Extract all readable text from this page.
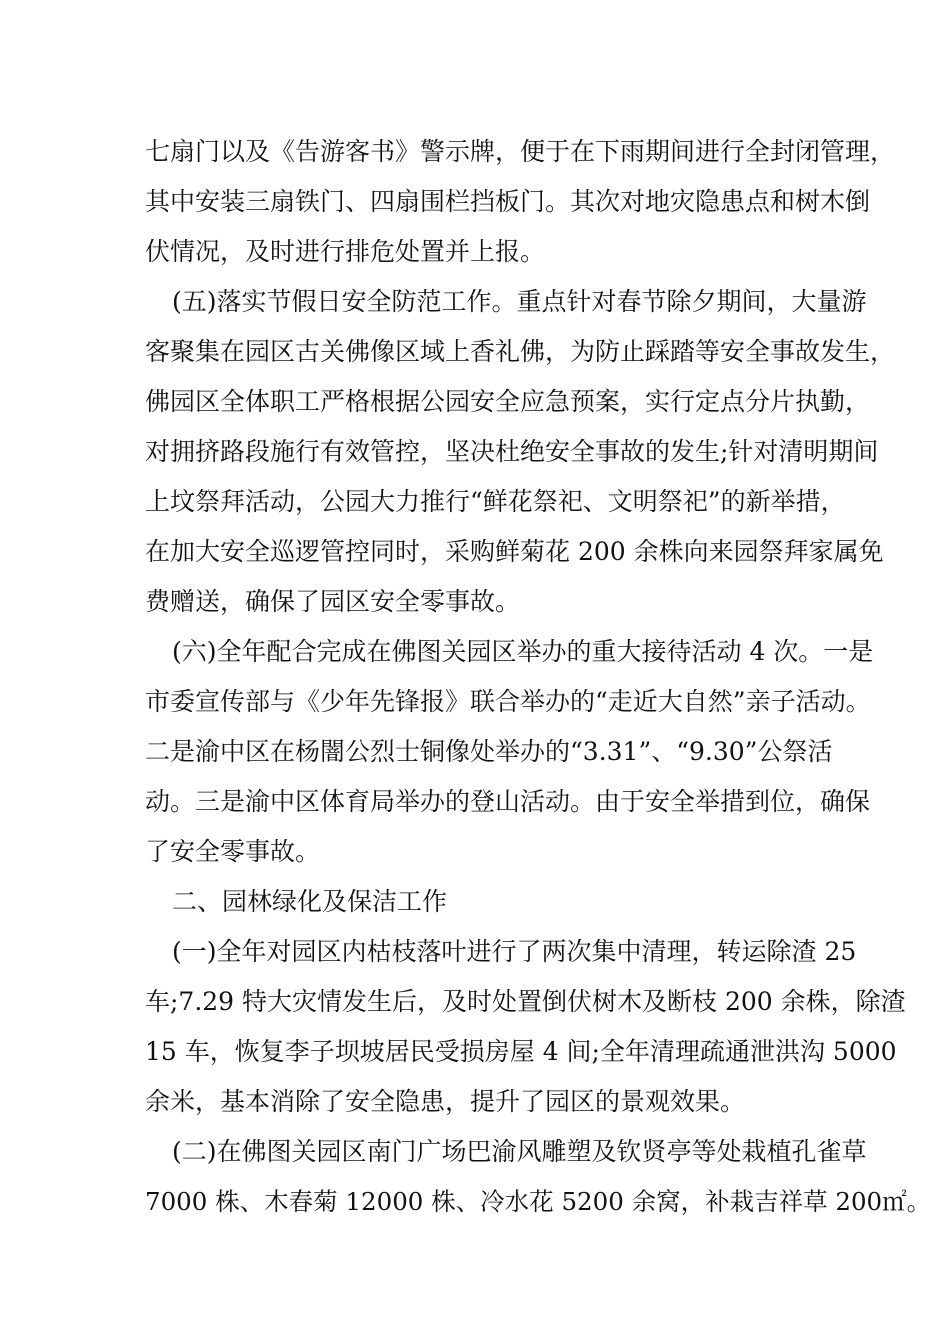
七扇门以及《告游客书》警示牌，便于在下雨期间进行全封闭管理，
其中安装三扇铁门、四扇围栏挡板门。其次对地灾隐患点和树木倒
伏情况，及时进行排危处置并上报。
(五)落实节假日安全防范工作。重点针对春节除夕期间，大量游
客聚集在园区古关佛像区域上香礼佛，为防止踩踏等安全事故发生，
佛园区全体职工严格根据公园安全应急预案，实行定点分片执勤，
对拥挤路段施行有效管控，坚决杜绝安全事故的发生;针对清明期间
上坟祭拜活动，公园大力推行“鲜花祭祀、文明祭祀”的新举措，
在加大安全巡逻管控同时，采购鲜菊花 200 余株向来园祭拜家属免
费赠送，确保了园区安全零事故。
(六)全年配合完成在佛图关园区举办的重大接待活动 4 次。一是
市委宣传部与《少年先锋报》联合举办的“走近大自然”亲子活动。
二是渝中区在杨闇公烈士铜像处举办的“3.31”、“9.30”公祭活
动。三是渝中区体育局举办的登山活动。由于安全举措到位，确保
了安全零事故。
二、园林绿化及保洁工作
(一)全年对园区内枯枝落叶进行了两次集中清理，转运除渣 25
车;7.29 特大灾情发生后，及时处置倒伏树木及断枝 200 余株，除渣
15 车，恢复李子坝坡居民受损房屋 4 间;全年清理疏通泄洪沟 5000
余米，基本消除了安全隐患，提升了园区的景观效果。
(二)在佛图关园区南门广场巴渝风雕塑及钦贤亭等处栽植孔雀草
7000 株、木春菊 12000 株、冷水花 5200 余窝，补栽吉祥草 200㎡。
